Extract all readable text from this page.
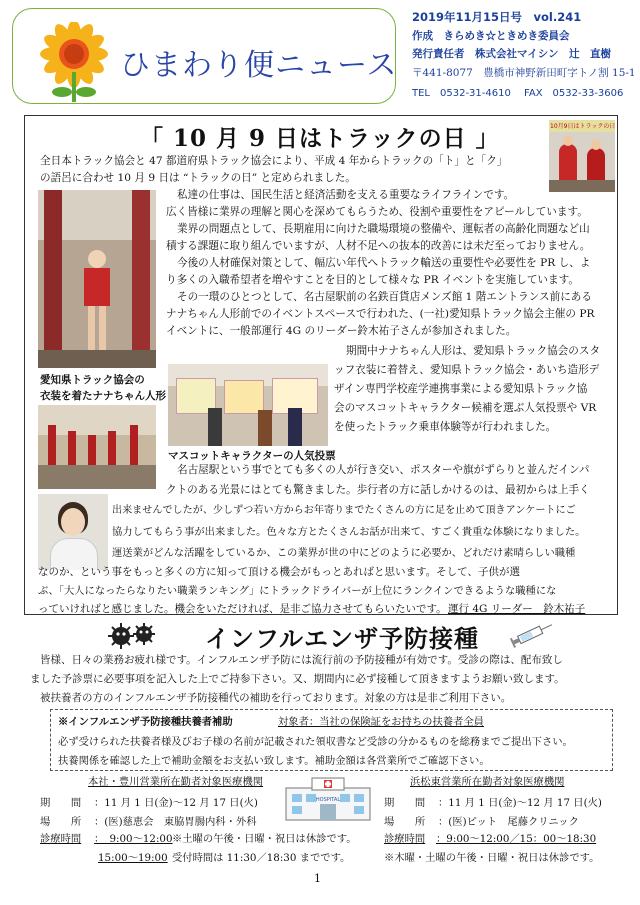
ひまわり便ニュース
2019年11月15日号　vol.241
作成　きらめき☆ときめき委員会
発行責任者　株式会社マイシン　辻　直樹
〒441-8077　豊橋市神野新田町字トノ割 15-1
TEL　0532-31-4610　 FAX　0532-33-3606
「 10 月 9 日はトラックの日 」	10月9日はトラックの日
愛知県トラック協会の
衣装を着たナナちゃん人形
マスコットキャラクターの人気投票
全日本トラック協会と 47 都道府県トラック協会により、平成 4 年からトラックの「ト」と「ク」
の語呂に合わせ 10 月 9 日は “トラックの日” と定められました。
私達の仕事は、国民生活と経済活動を支える重要なライフラインです。
広く皆様に業界の理解と関心を深めてもらうため、役割や重要性をアピールしています。
業界の問題点として、長期雇用に向けた職場環境の整備や、運転者の高齢化問題など山
積する課題に取り組んでいますが、人材不足への抜本的改善には未だ至っておりません。
今後の人材確保対策として、幅広い年代へトラック輸送の重要性や必要性を PR し、よ
り多くの入職希望者を増やすことを目的として様々な PR イベントを実施しています。
その一環のひとつとして、名古屋駅前の名鉄百貨店メンズ館 1 階エントランス前にある
ナナちゃん人形前でのイベントスペースで行われた、(一社)愛知県トラック協会主催の PR
イベントに、一般部運行 4G のリーダー鈴木祐子さんが参加されました。
期間中ナナちゃん人形は、愛知県トラック協会のスタ
ッフ衣装に着替え、愛知県トラック協会・あいち造形デ
ザイン専門学校産学連携事業による愛知県トラック協
会のマスコットキャラクター候補を選ぶ人気投票や VR
を使ったトラック乗車体験等が行われました。
名古屋駅という事でとても多くの人が行き交い、ポスターや旗がずらりと並んだインパ
クトのある光景にはとても驚きました。歩行者の方に話しかけるのは、最初からは上手く
出来ませんでしたが、少しずつ若い方からお年寄りまでたくさんの方に足を止めて頂きアンケートにご
協力してもらう事が出来ました。色々な方とたくさんお話が出来て、すごく貴重な体験になりました。
運送業がどんな活躍をしているか、この業界が世の中にどのように必要か、どれだけ素晴らしい職種
なのか、という事をもっと多くの方に知って頂ける機会がもっとあればと思います。そして、子供が選
ぶ、「大人になったらなりたい職業ランキング」にトラックドライバーが上位にランクインできるような職種にな
っていければと感じました。機会をいただければ、是非ご協力させてもらいたいです。 運行 4G リーダー　鈴木祐子
インフルエンザ予防接種
皆様、日々の業務お疲れ様です。インフルエンザ予防には流行前の予防接種が有効です。受診の際は、配布致し
ました予診票に必要事項を記入した上でご持参下さい。又、期間内に必ず接種して頂きますようお願い致します。
被扶養者の方のインフルエンザ予防接種代の補助を行っております。対象の方は是非ご利用下さい。
※インフルエンザ予防接種扶養者補助	対象者：当社の保険証をお持ちの扶養者全員
必ず受けられた扶養者様及びお子様の名前が記載された領収書など受診の分かるものを総務までご提出下さい。
扶養関係を確認した上で補助金額をお支払い致します。補助金額は各営業所でご確認下さい。
本社・豊川営業所在勤者対象医療機関
期　　間 ：11 月 1 日(金)～12 月 17 日(火)
場　　所 ：(医)慈恵会　東脇胃腸内科・外科
診療時間 ：　9:00～12:00 ※土曜の午後・日曜・祝日は休診です。
15:00～19:00 受付時間は 11:30／18:30 までです。
HOSPITAL
浜松東営業所在勤者対象医療機関
期　　間 ：11 月 1 日(金)～12 月 17 日(火)
場　　所 ：(医)ピット　尾藤クリニック
診療時間 ：9:00～12:00／15：00～18:30
※木曜・土曜の午後・日曜・祝日は休診です。
1
